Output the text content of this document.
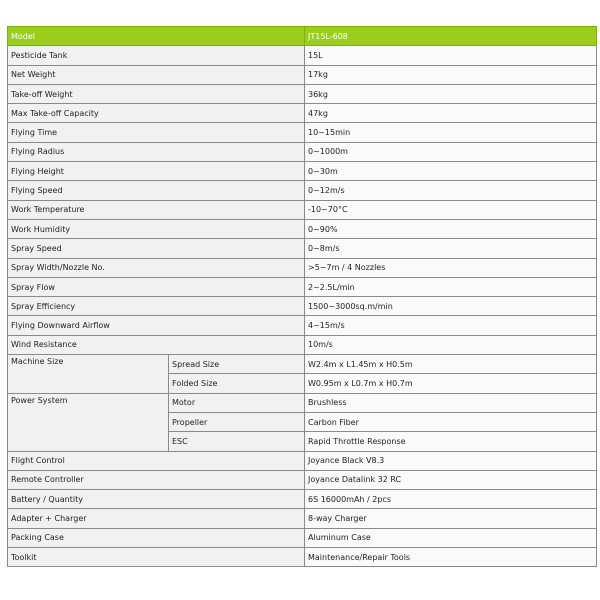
Model		JT15L-608
Pesticide Tank		15L
Net Weight		17kg
Take-off Weight		36kg
Max Take-off Capacity		47kg
Flying Time		10~15min
Flying Radius		0~1000m
Flying Height		0~30m
Flying Speed		0~12m/s
Work Temperature		-10~70°C
Work Humidity		0~90%
Spray Speed		0~8m/s
Spray Width/Nozzle No.		>5~7m / 4 Nozzles
Spray Flow		2~2.5L/min
Spray Efficiency		1500~3000sq.m/min
Flying Downward Airflow		4~15m/s
Wind Resistance		10m/s
Machine Size	Spread Size	W2.4m x L1.45m x H0.5m
	Folded Size	W0.95m x L0.7m x H0.7m
Power System	Motor	Brushless
	Propeller	Carbon Fiber
	ESC	Rapid Throttle Response
Flight Control		Joyance Black V8.3
Remote Controller		Joyance Datalink 32 RC
Battery / Quantity		6S 16000mAh / 2pcs
Adapter + Charger		8-way Charger
Packing Case		Aluminum Case
Toolkit		Maintenance/Repair Tools
